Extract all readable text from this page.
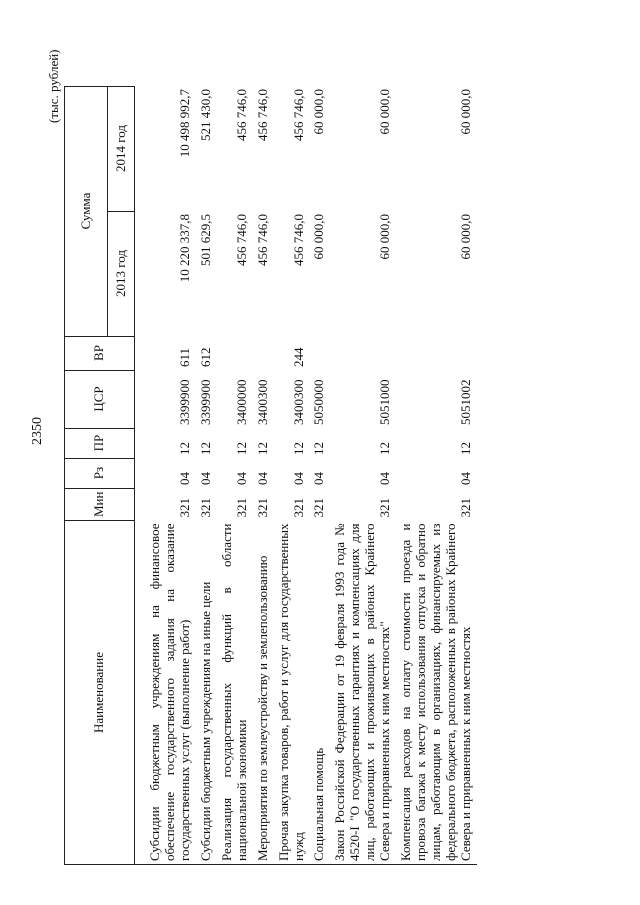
2350
(тыс. рублей)
Наименование	Мин	Рз	ПР	ЦСР	ВР	Сумма	
						2013 год	2014 год

Субсидии бюджетным учреждениям на финансовое обеспечение государственного задания на оказание государственных услуг (выполнение работ)	321	04	12	3399900	611	10 220 337,8	10 498 992,7
Субсидии бюджетным учреждениям на иные цели	321	04	12	3399900	612	501 629,5	521 430,0
Реализация государственных функций в области национальной экономики	321	04	12	3400000		456 746,0	456 746,0
Мероприятия по землеустройству и землепользованию	321	04	12	3400300		456 746,0	456 746,0
Прочая закупка товаров, работ и услуг для государственных нужд	321	04	12	3400300	244	456 746,0	456 746,0
Социальная помощь	321	04	12	5050000		60 000,0	60 000,0
Закон Российской Федерации от 19 февраля 1993 года № 4520-I "О государственных гарантиях и компенсациях для лиц, работающих и проживающих в районах Крайнего Севера и приравненных к ним местностях"	321	04	12	5051000		60 000,0	60 000,0
Компенсация расходов на оплату стоимости проезда и провоза багажа к месту использования отпуска и обратно лицам, работающим в организациях, финансируемых из федерального бюджета, расположенных в районах Крайнего Севера и приравненных к ним местностях	321	04	12	5051002		60 000,0	60 000,0
